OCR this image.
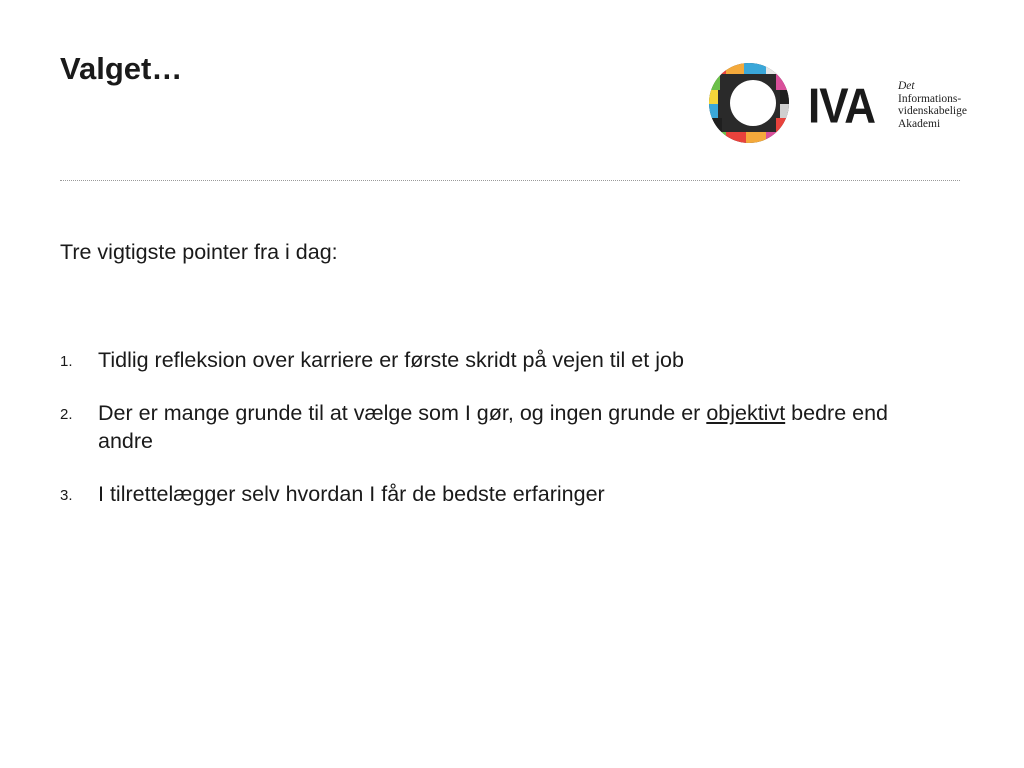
Valget…
IVA Det
Informations-
videnskabelige
Akademi

Tre vigtigste pointer fra i dag:

1. Tidlig refleksion over karriere er første skridt på vejen til et job
2. Der er mange grunde til at vælge som I gør, og ingen grunde er objektivt bedre end andre
3. I tilrettelægger selv hvordan I får de bedste erfaringer
